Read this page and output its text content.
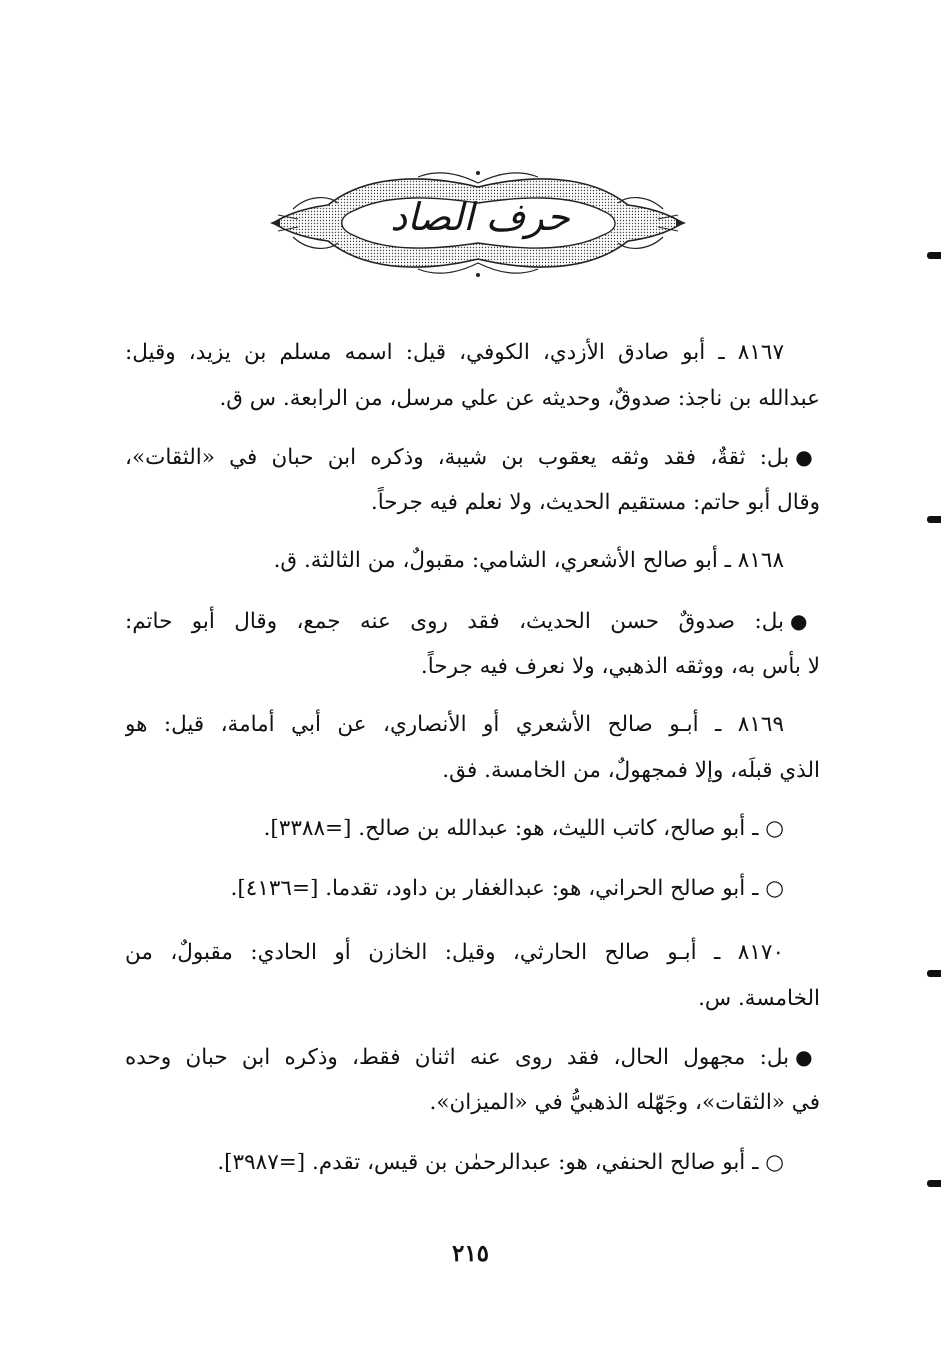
حرف الصاد
٨١٦٧ ـ أبو صادق الأزدي، الكوفي، قيل: اسمه مسلم بن يزيد، وقيل:
عبدالله بن ناجذ: صدوقٌ، وحديثه عن علي مرسل، من الرابعة. س ق.
●بل: ثقةٌ، فقد وثقه يعقوب بن شيبة، وذكره ابن حبان في «الثقات»،
وقال أبو حاتم: مستقيم الحديث، ولا نعلم فيه جرحاً.
٨١٦٨ ـ أبو صالح الأشعري، الشامي: مقبولٌ، من الثالثة. ق.
●بل: صدوقٌ حسن الحديث، فقد روى عنه جمع، وقال أبو حاتم:
لا بأس به، ووثقه الذهبي، ولا نعرف فيه جرحاً.
٨١٦٩ ـ أبـو صالح الأشعري أو الأنصاري، عن أبي أمامة، قيل: هو
الذي قبلَه، وإلا فمجهولٌ، من الخامسة. فق.
○ ـ أبو صالح، كاتب الليث، هو: عبدالله بن صالح. [=٣٣٨٨].
○ ـ أبو صالح الحراني، هو: عبدالغفار بن داود، تقدما. [=٤١٣٦].
٨١٧٠ ـ أبـو صالح الحارثي، وقيل: الخازن أو الحادي: مقبولٌ، من
الخامسة. س.
●بل: مجهول الحال، فقد روى عنه اثنان فقط، وذكره ابن حبان وحده
في «الثقات»، وجَهّله الذهبيُّ في «الميزان».
○ ـ أبو صالح الحنفي، هو: عبدالرحمٰن بن قيس، تقدم. [=٣٩٨٧].
٢١٥
